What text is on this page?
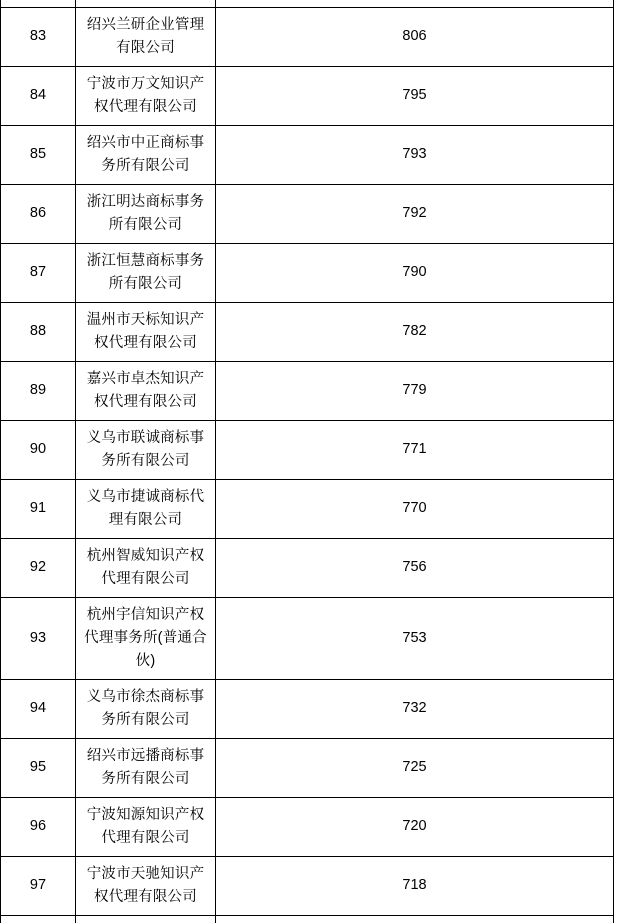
83	绍兴兰研企业管理有限公司	806
84	宁波市万文知识产权代理有限公司	795
85	绍兴市中正商标事务所有限公司	793
86	浙江明达商标事务所有限公司	792
87	浙江恒慧商标事务所有限公司	790
88	温州市天标知识产权代理有限公司	782
89	嘉兴市卓杰知识产权代理有限公司	779
90	义乌市联诚商标事务所有限公司	771
91	义乌市捷诚商标代理有限公司	770
92	杭州智威知识产权代理有限公司	756
93	杭州宇信知识产权代理事务所(普通合伙)	753
94	义乌市徐杰商标事务所有限公司	732
95	绍兴市远播商标事务所有限公司	725
96	宁波知源知识产权代理有限公司	720
97	宁波市天驰知识产权代理有限公司	718
